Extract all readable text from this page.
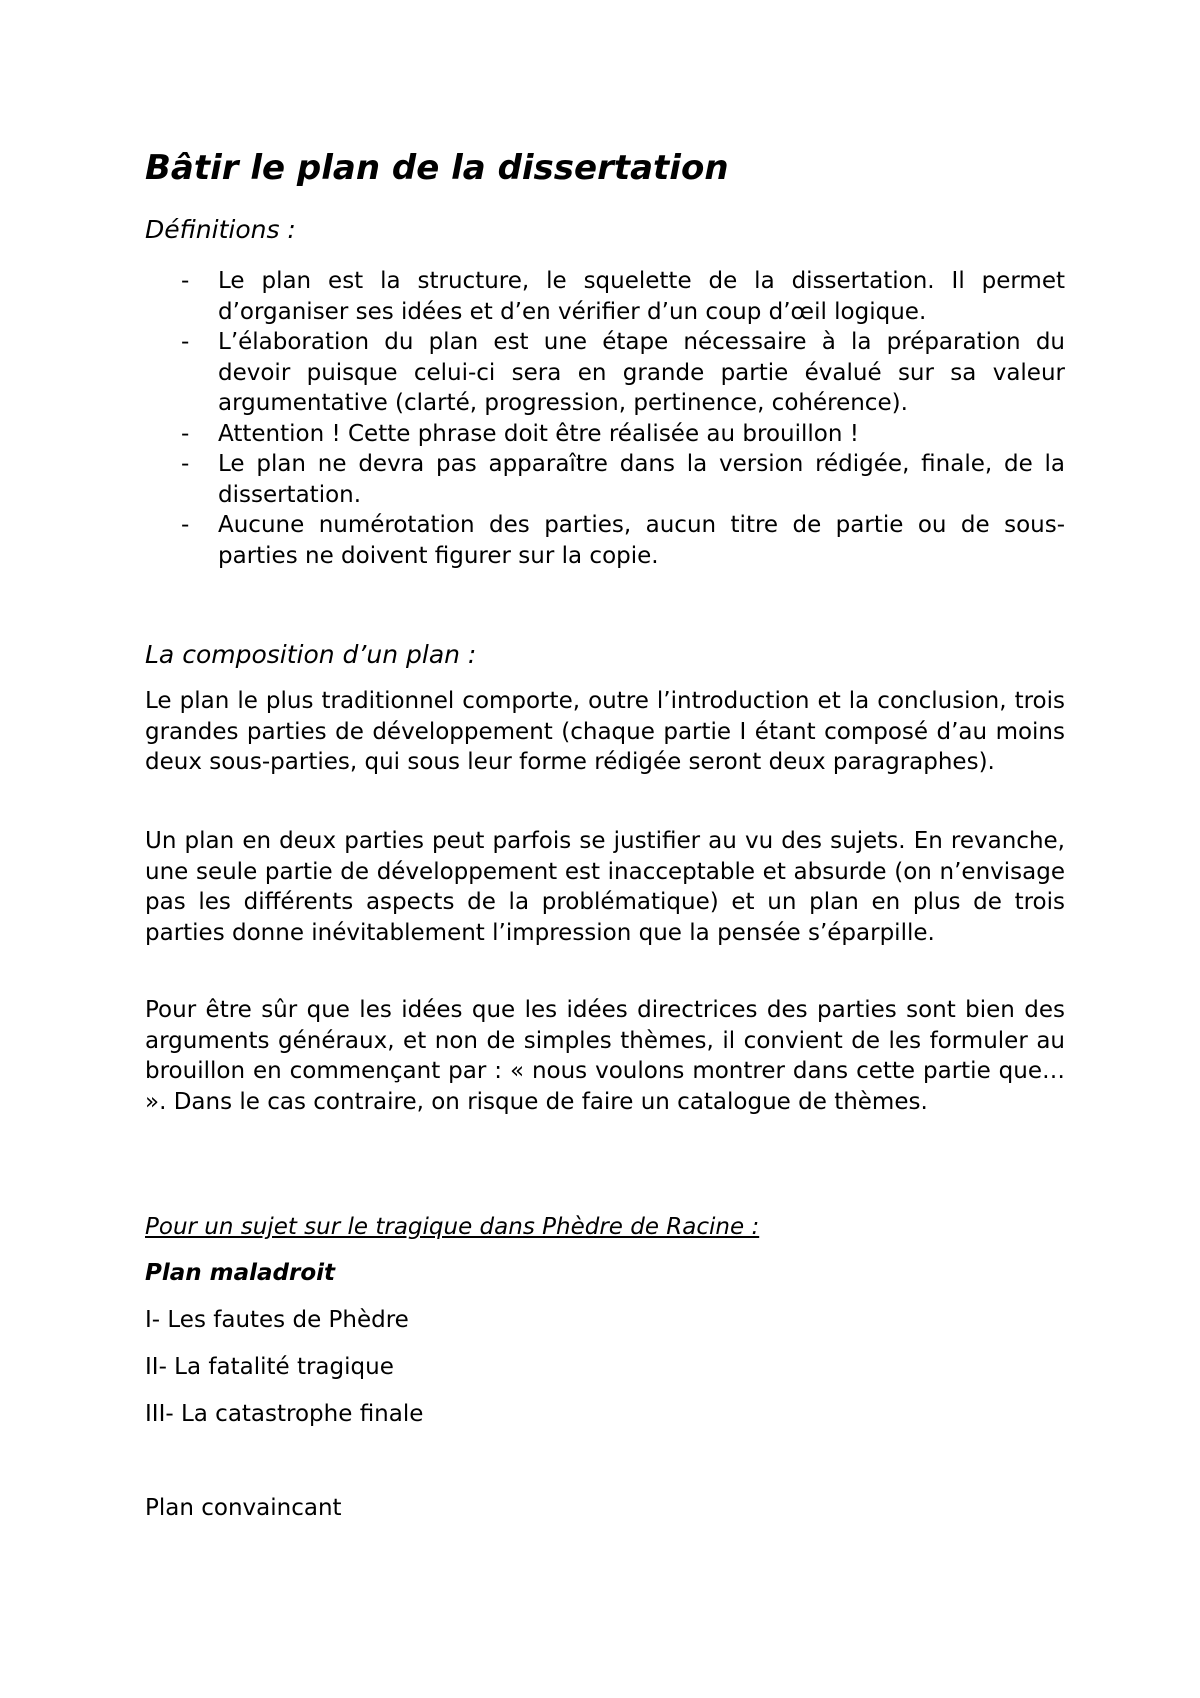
Bâtir le plan de la dissertation
Définitions :
- Le plan est la structure, le squelette de la dissertation. Il permet d’organiser ses idées et d’en vérifier d’un coup d’œil logique.
- L’élaboration du plan est une étape nécessaire à la préparation du devoir puisque celui-ci sera en grande partie évalué sur sa valeur argumentative (clarté, progression, pertinence, cohérence).
- Attention ! Cette phrase doit être réalisée au brouillon !
- Le plan ne devra pas apparaître dans la version rédigée, finale, de la dissertation.
- Aucune numérotation des parties, aucun titre de partie ou de sous-parties ne doivent figurer sur la copie.
La composition d’un plan :

Le plan le plus traditionnel comporte, outre l’introduction et la conclusion, trois grandes parties de développement (chaque partie I étant composé d’au moins deux sous-parties, qui sous leur forme rédigée seront deux paragraphes).

Un plan en deux parties peut parfois se justifier au vu des sujets. En revanche, une seule partie de développement est inacceptable et absurde (on n’envisage pas les différents aspects de la problématique) et un plan en plus de trois parties donne inévitablement l’impression que la pensée s’éparpille.

Pour être sûr que les idées que les idées directrices des parties sont bien des arguments généraux, et non de simples thèmes, il convient de les formuler au brouillon en commençant par : « nous voulons montrer dans cette partie que… ». Dans le cas contraire, on risque de faire un catalogue de thèmes.

Pour un sujet sur le tragique dans Phèdre de Racine :

Plan maladroit

I- Les fautes de Phèdre

II- La fatalité tragique

III- La catastrophe finale

Plan convaincant
